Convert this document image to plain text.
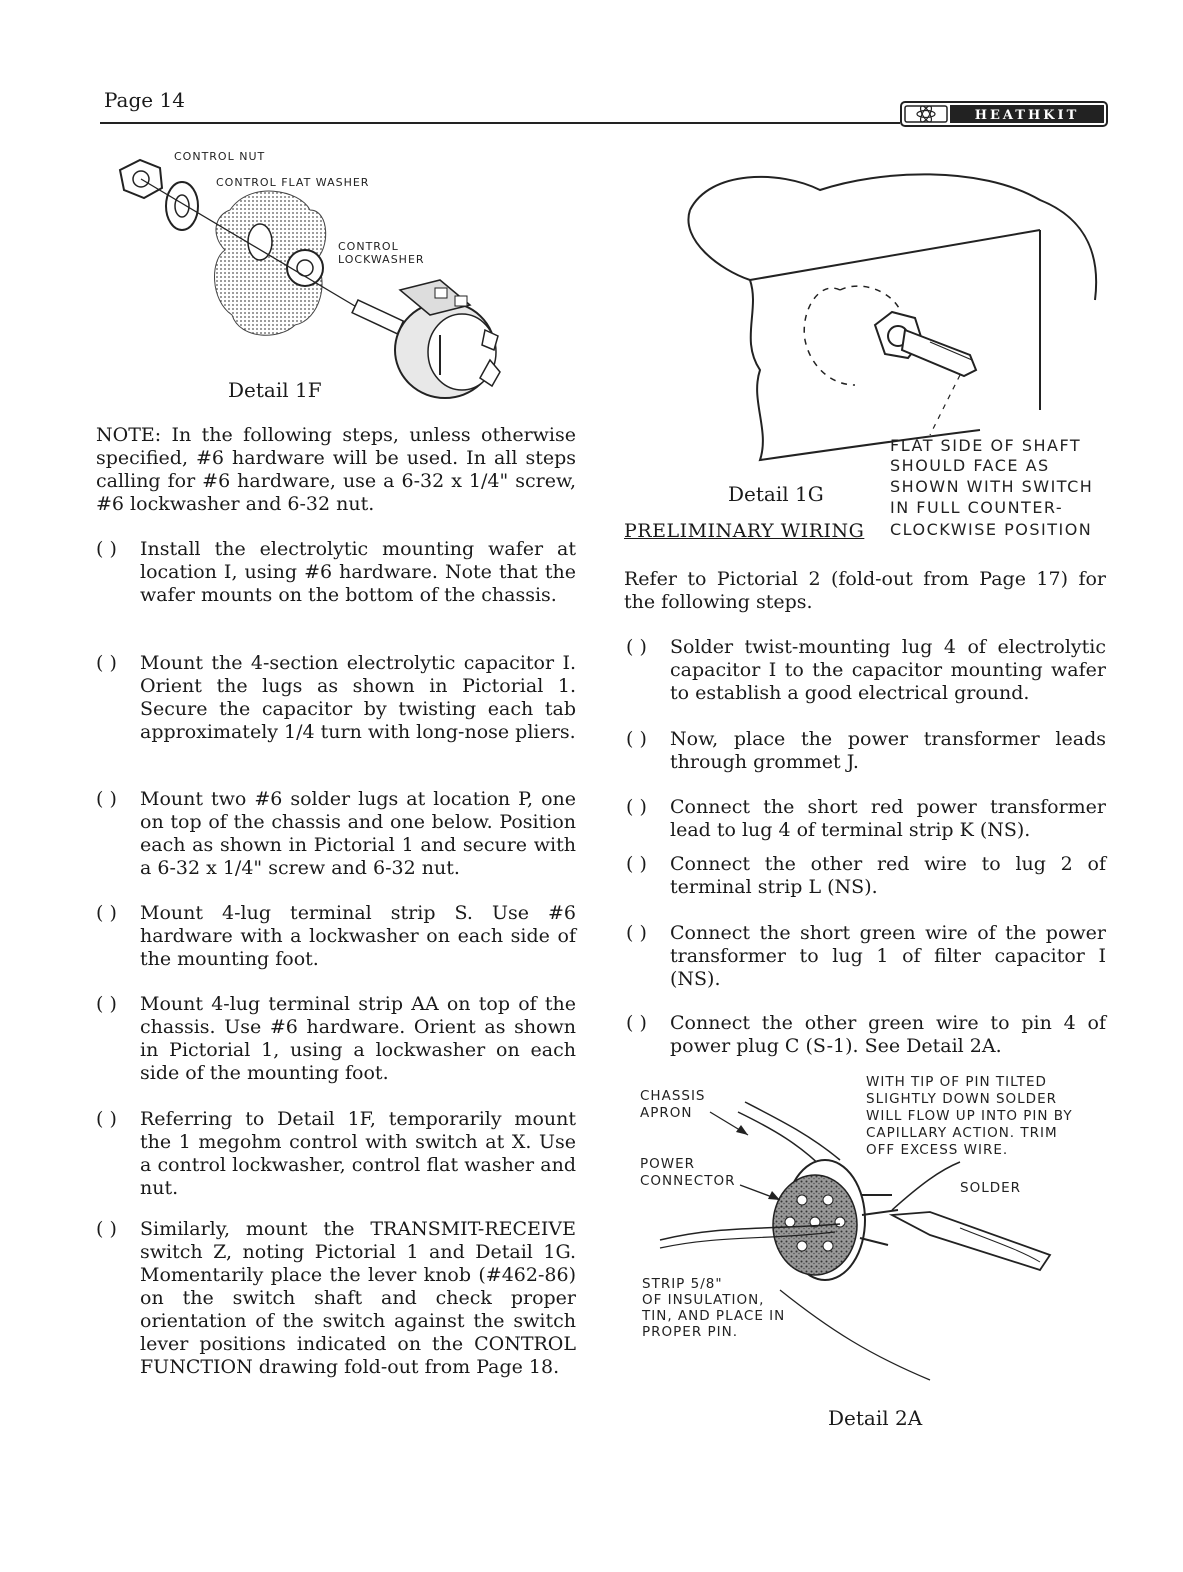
Page 14
HEATHKIT
CONTROL NUT
CONTROL FLAT WASHER
CONTROL
LOCKWASHER
Detail 1F
NOTE: In the following steps, unless otherwise specified, #6 hardware will be used. In all steps calling for #6 hardware, use a 6-32 x 1/4" screw, #6 lockwasher and 6-32 nut.
( )	Install the electrolytic mounting wafer at location I, using #6 hardware. Note that the wafer mounts on the bottom of the chassis.
( )	Mount the 4-section electrolytic capacitor I. Orient the lugs as shown in Pictorial 1. Secure the capacitor by twisting each tab approximately 1/4 turn with long-nose pliers.
( )	Mount two #6 solder lugs at location P, one on top of the chassis and one below. Position each as shown in Pictorial 1 and secure with a 6-32 x 1/4" screw and 6-32 nut.
( )	Mount 4-lug terminal strip S. Use #6 hardware with a lockwasher on each side of the mounting foot.
( )	Mount 4-lug terminal strip AA on top of the chassis. Use #6 hardware. Orient as shown in Pictorial 1, using a lockwasher on each side of the mounting foot.
( )	Referring to Detail 1F, temporarily mount the 1 megohm control with switch at X. Use a control lockwasher, control flat washer and nut.
( )	Similarly, mount the TRANSMIT-RECEIVE switch Z, noting Pictorial 1 and Detail 1G. Momentarily place the lever knob (#462-86) on the switch shaft and check proper orientation of the switch against the switch lever positions indicated on the CONTROL FUNCTION drawing fold-out from Page 18.
Detail 1G
FLAT SIDE OF SHAFT
SHOULD FACE AS
SHOWN WITH SWITCH
IN FULL COUNTER-
CLOCKWISE POSITION
PRELIMINARY WIRING
Refer to Pictorial 2 (fold-out from Page 17) for the following steps.
( )	Solder twist-mounting lug 4 of electrolytic capacitor I to the capacitor mounting wafer to establish a good electrical ground.
( )	Now, place the power transformer leads through grommet J.
( )	Connect the short red power transformer lead to lug 4 of terminal strip K (NS).
( )	Connect the other red wire to lug 2 of terminal strip L (NS).
( )	Connect the short green wire of the power transformer to lug 1 of filter capacitor I (NS).
( )	Connect the other green wire to pin 4 of power plug C (S-1). See Detail 2A.
CHASSIS
APRON
POWER
CONNECTOR	SOLDER
WITH TIP OF PIN TILTED
SLIGHTLY DOWN SOLDER
WILL FLOW UP INTO PIN BY
CAPILLARY ACTION. TRIM
OFF EXCESS WIRE.
STRIP 5/8"
OF INSULATION,
TIN, AND PLACE IN
PROPER PIN.
Detail 2A
